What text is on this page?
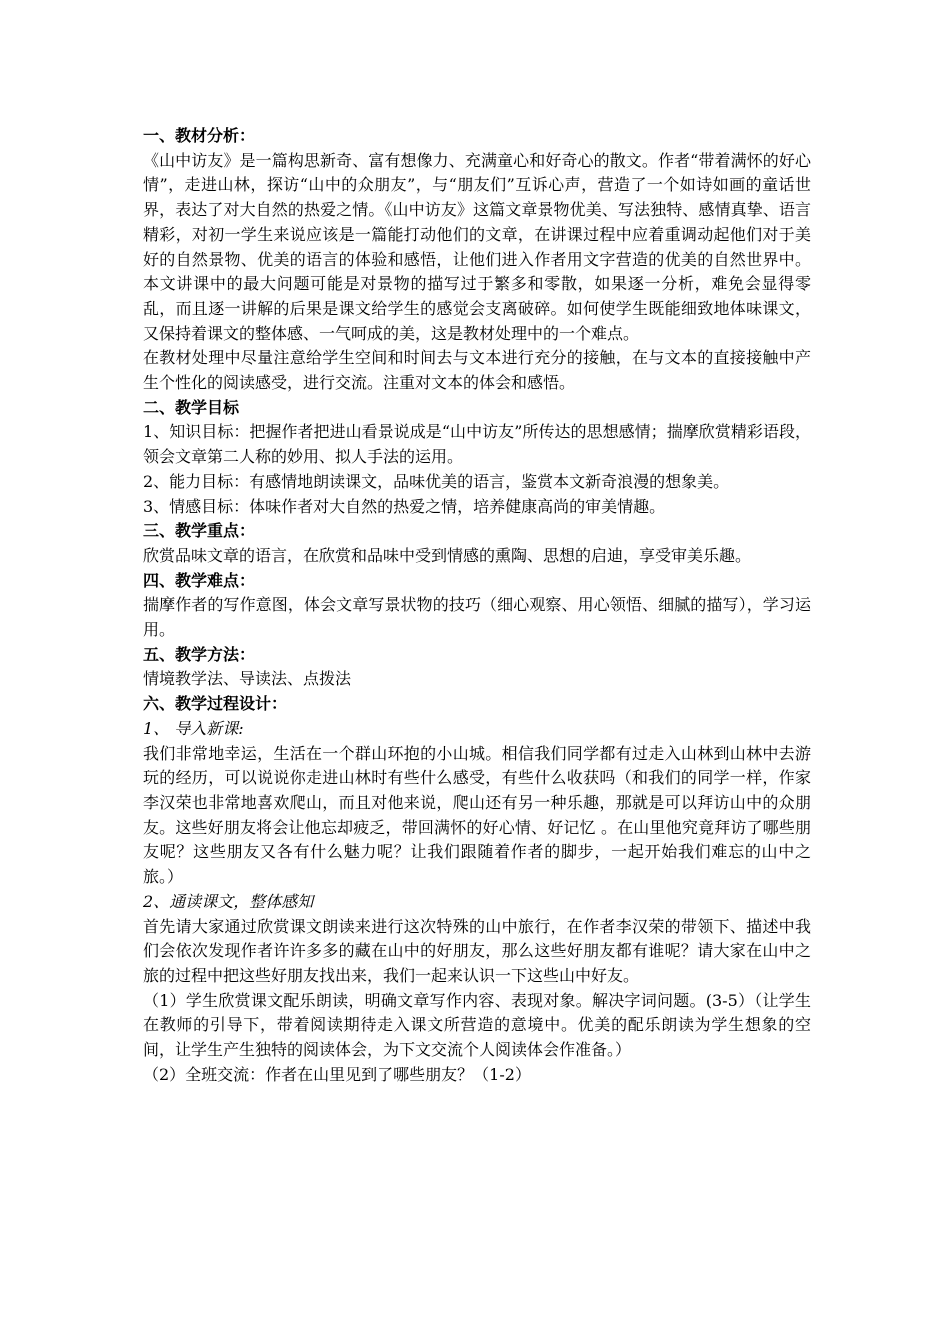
一、教材分析：

《山中访友》是一篇构思新奇、富有想像力、充满童心和好奇心的散文。作者“带着满怀的好心情”，走进山林，探访“山中的众朋友”，与“朋友们”互诉心声，营造了一个如诗如画的童话世界，表达了对大自然的热爱之情。《山中访友》这篇文章景物优美、写法独特、感情真挚、语言精彩，对初一学生来说应该是一篇能打动他们的文章，在讲课过程中应着重调动起他们对于美好的自然景物、优美的语言的体验和感悟，让他们进入作者用文字营造的优美的自然世界中。本文讲课中的最大问题可能是对景物的描写过于繁多和零散，如果逐一分析，难免会显得零乱，而且逐一讲解的后果是课文给学生的感觉会支离破碎。如何使学生既能细致地体味课文，又保持着课文的整体感、一气呵成的美，这是教材处理中的一个难点。

在教材处理中尽量注意给学生空间和时间去与文本进行充分的接触，在与文本的直接接触中产生个性化的阅读感受，进行交流。注重对文本的体会和感悟。

二、教学目标

1、知识目标：把握作者把进山看景说成是“山中访友”所传达的思想感情；揣摩欣赏精彩语段，领会文章第二人称的妙用、拟人手法的运用。

2、能力目标：有感情地朗读课文，品味优美的语言，鉴赏本文新奇浪漫的想象美。

3、情感目标：体味作者对大自然的热爱之情，培养健康高尚的审美情趣。

三、教学重点：

欣赏品味文章的语言，在欣赏和品味中受到情感的熏陶、思想的启迪，享受审美乐趣。

四、教学难点：

揣摩作者的写作意图，体会文章写景状物的技巧（细心观察、用心领悟、细腻的描写），学习运用。

五、教学方法：

情境教学法、导读法、点拨法

六、教学过程设计：

1、 导入新课:

我们非常地幸运，生活在一个群山环抱的小山城。相信我们同学都有过走入山林到山林中去游玩的经历，可以说说你走进山林时有些什么感受，有些什么收获吗（和我们的同学一样，作家李汉荣也非常地喜欢爬山，而且对他来说，爬山还有另一种乐趣，那就是可以拜访山中的众朋友。这些好朋友将会让他忘却疲乏，带回满怀的好心情、好记忆 。在山里他究竟拜访了哪些朋友呢？这些朋友又各有什么魅力呢？让我们跟随着作者的脚步，一起开始我们难忘的山中之旅。）

2、通读课文，整体感知

首先请大家通过欣赏课文朗读来进行这次特殊的山中旅行，在作者李汉荣的带领下、描述中我们会依次发现作者许许多多的藏在山中的好朋友，那么这些好朋友都有谁呢？请大家在山中之旅的过程中把这些好朋友找出来，我们一起来认识一下这些山中好友。

（1）学生欣赏课文配乐朗读，明确文章写作内容、表现对象。解决字词问题。(3-5）（让学生在教师的引导下，带着阅读期待走入课文所营造的意境中。优美的配乐朗读为学生想象的空间，让学生产生独特的阅读体会，为下文交流个人阅读体会作准备。）

（2）全班交流：作者在山里见到了哪些朋友？（1-2）
